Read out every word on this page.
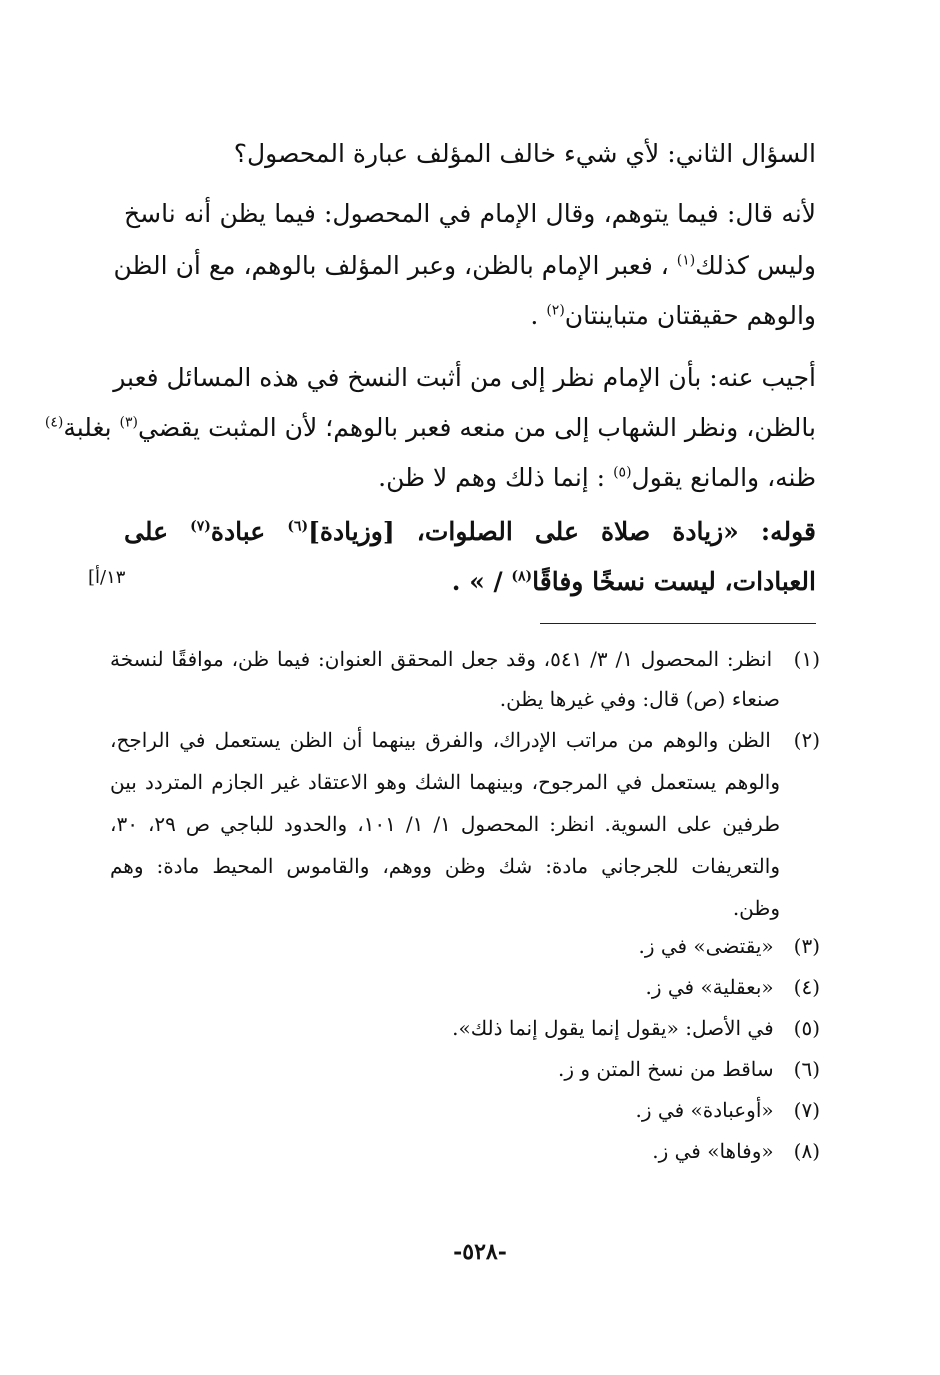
السؤال الثاني: لأي شيء خالف المؤلف عبارة المحصول؟
لأنه قال: فيما يتوهم، وقال الإمام في المحصول: فيما يظن أنه ناسخ
وليس كذلك$^{(١)}$ ، فعبر الإمام بالظن، وعبر المؤلف بالوهم، مع أن الظن
والوهم حقيقتان متباينتان$^{(٢)}$ .
أجيب عنه: بأن الإمام نظر إلى من أثبت النسخ في هذه المسائل فعبر
بالظن، ونظر الشهاب إلى من منعه فعبر بالوهم؛ لأن المثبت يقضي$^{(٣)}$ بغلبة$^{(٤)}$
ظنه، والمانع يقول$^{(٥)}$ : إنما ذلك وهم لا ظن.
قوله: «زيادة صلاة على الصلوات، [وزيادة]$^{(٦)}$ عبادة$^{(٧)}$ على
العبادات، ليست نسخًا وفاقًا$^{(٨)}$ / » .
١٣/أ]
(١) انظر: المحصول ١/ ٣/ ٥٤١، وقد جعل المحقق العنوان: فيما ظن، موافقًا لنسخة
صنعاء (ص) قال: وفي غيرها يظن.
(٢) الظن والوهم من مراتب الإدراك، والفرق بينهما أن الظن يستعمل في الراجح،
والوهم يستعمل في المرجوح، وبينهما الشك وهو الاعتقاد غير الجازم المتردد بين
طرفين على السوية. انظر: المحصول ١/ ١/ ١٠١، والحدود للباجي ص ٢٩، ٣٠،
والتعريفات للجرجاني مادة: شك وظن ووهم، والقاموس المحيط مادة: وهم
وظن.
(٣) «يقتضى» في ز.
(٤) «بعقلية» في ز.
(٥) في الأصل: «يقول إنما يقول إنما ذلك».
(٦) ساقط من نسخ المتن و ز.
(٧) «أوعبادة» في ز.
(٨) «وفاها» في ز.
-٥٢٨-
